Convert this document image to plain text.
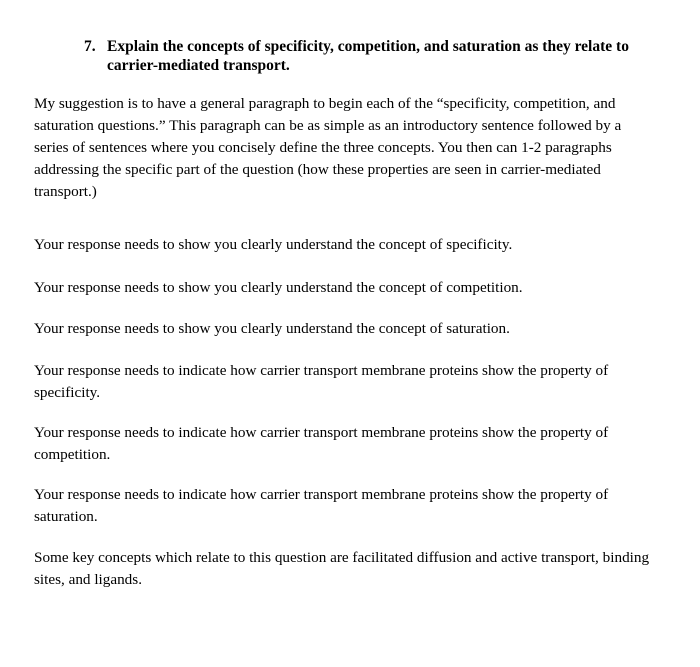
7. Explain the concepts of specificity, competition, and saturation as they relate to carrier-mediated transport.

My suggestion is to have a general paragraph to begin each of the “specificity, competition, and saturation questions.” This paragraph can be as simple as an introductory sentence followed by a series of sentences where you concisely define the three concepts. You then can 1-2 paragraphs addressing the specific part of the question (how these properties are seen in carrier-mediated transport.)

Your response needs to show you clearly understand the concept of specificity.

Your response needs to show you clearly understand the concept of competition.

Your response needs to show you clearly understand the concept of saturation.

Your response needs to indicate how carrier transport membrane proteins show the property of specificity.

Your response needs to indicate how carrier transport membrane proteins show the property of competition.

Your response needs to indicate how carrier transport membrane proteins show the property of saturation.

Some key concepts which relate to this question are facilitated diffusion and active transport, binding sites, and ligands.
